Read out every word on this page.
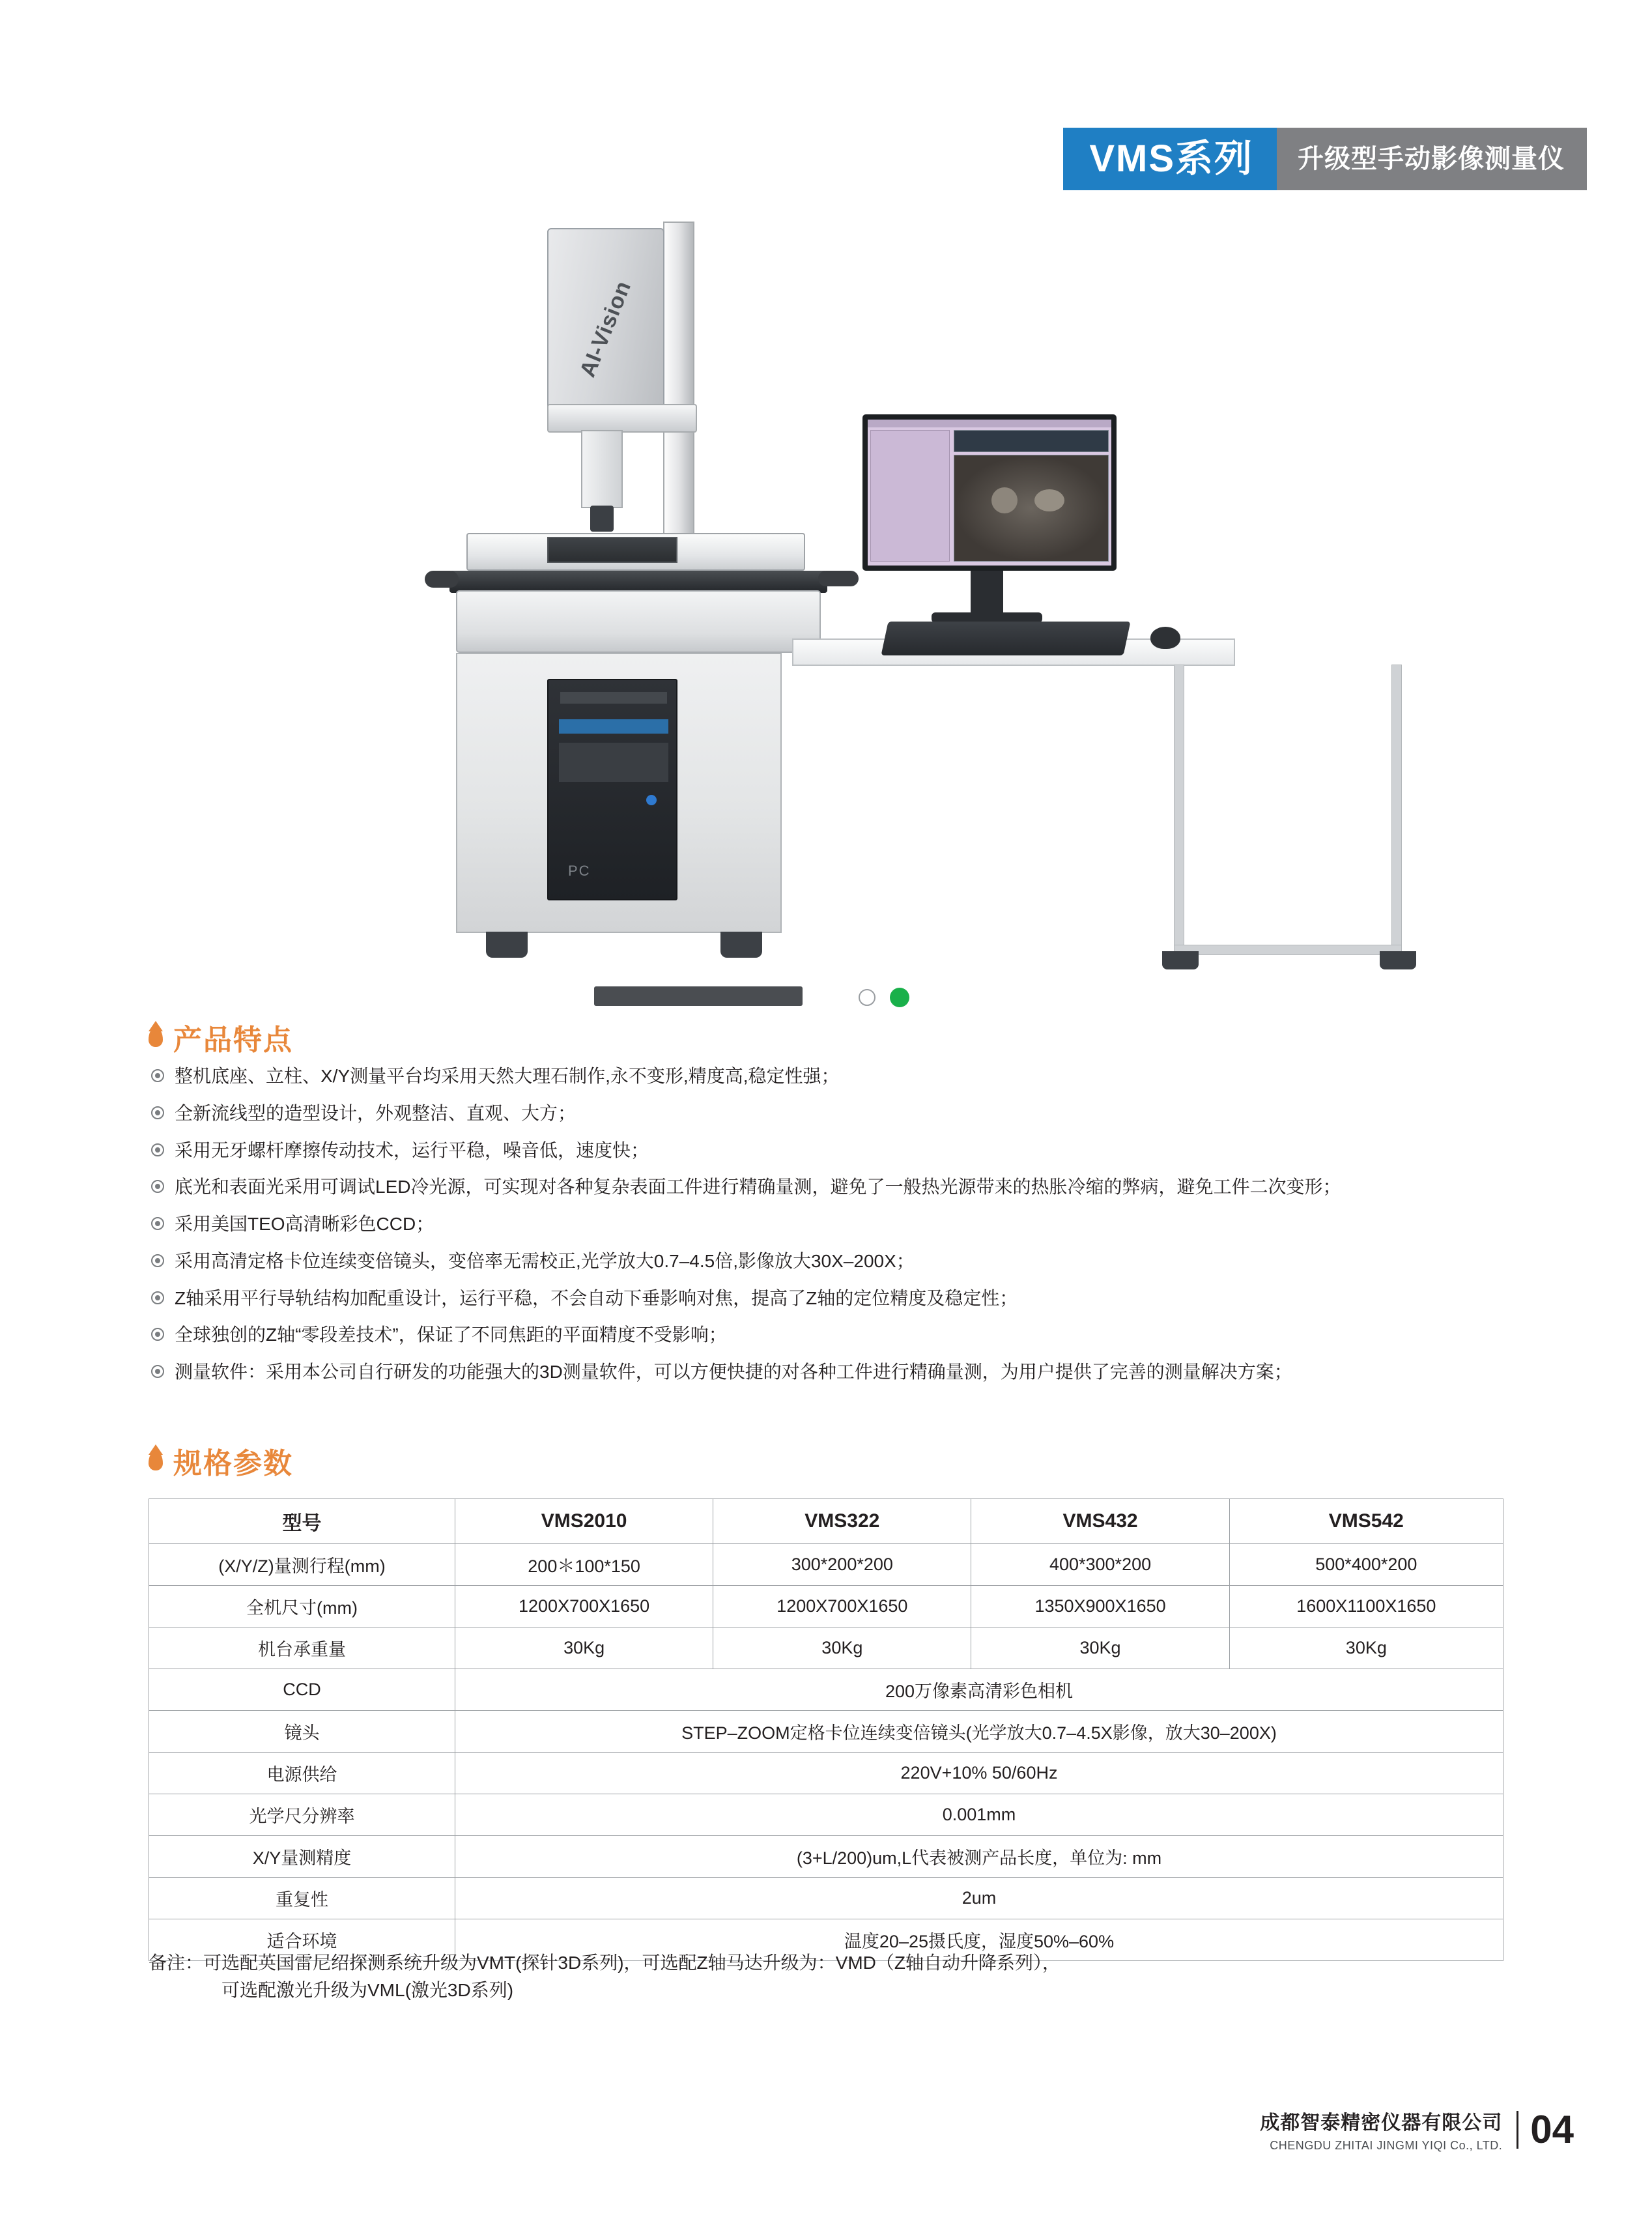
VMS系列	升级型手动影像测量仪
AI-Vision
PC
产品特点
整机底座、立柱、X/Y测量平台均采用天然大理石制作,永不变形,精度高,稳定性强；
全新流线型的造型设计，外观整洁、直观、大方；
采用无牙螺杆摩擦传动技术，运行平稳，噪音低，速度快；
底光和表面光采用可调试LED冷光源，可实现对各种复杂表面工件进行精确量测，避免了一般热光源带来的热胀冷缩的弊病，避免工件二次变形；
采用美国TEO高清晰彩色CCD；
采用高清定格卡位连续变倍镜头，变倍率无需校正,光学放大0.7–4.5倍,影像放大30X–200X；
Z轴采用平行导轨结构加配重设计，运行平稳，不会自动下垂影响对焦，提高了Z轴的定位精度及稳定性；
全球独创的Z轴“零段差技术”，保证了不同焦距的平面精度不受影响；
测量软件：采用本公司自行研发的功能强大的3D测量软件，可以方便快捷的对各种工件进行精确量测，为用户提供了完善的测量解决方案；
规格参数
型号	VMS2010	VMS322	VMS432	VMS542
(X/Y/Z)量测行程(mm)	200＊100*150	300*200*200	400*300*200	500*400*200
全机尺寸(mm)	1200X700X1650	1200X700X1650	1350X900X1650	1600X1100X1650
机台承重量	30Kg	30Kg	30Kg	30Kg
CCD	200万像素高清彩色相机			
镜头	STEP–ZOOM定格卡位连续变倍镜头(光学放大0.7–4.5X影像，放大30–200X)			
电源供给	220V+10% 50/60Hz			
光学尺分辨率	0.001mm			
X/Y量测精度	(3+L/200)um,L代表被测产品长度，单位为: mm			
重复性	2um			
适合环境	温度20–25摄氏度，湿度50%–60%			
备注：可选配英国雷尼绍探测系统升级为VMT(探针3D系列)，可选配Z轴马达升级为：VMD（Z轴自动升降系列），
可选配激光升级为VML(激光3D系列)
成都智泰精密仪器有限公司
CHENGDU ZHITAI JINGMI YIQI Co., LTD. 04
